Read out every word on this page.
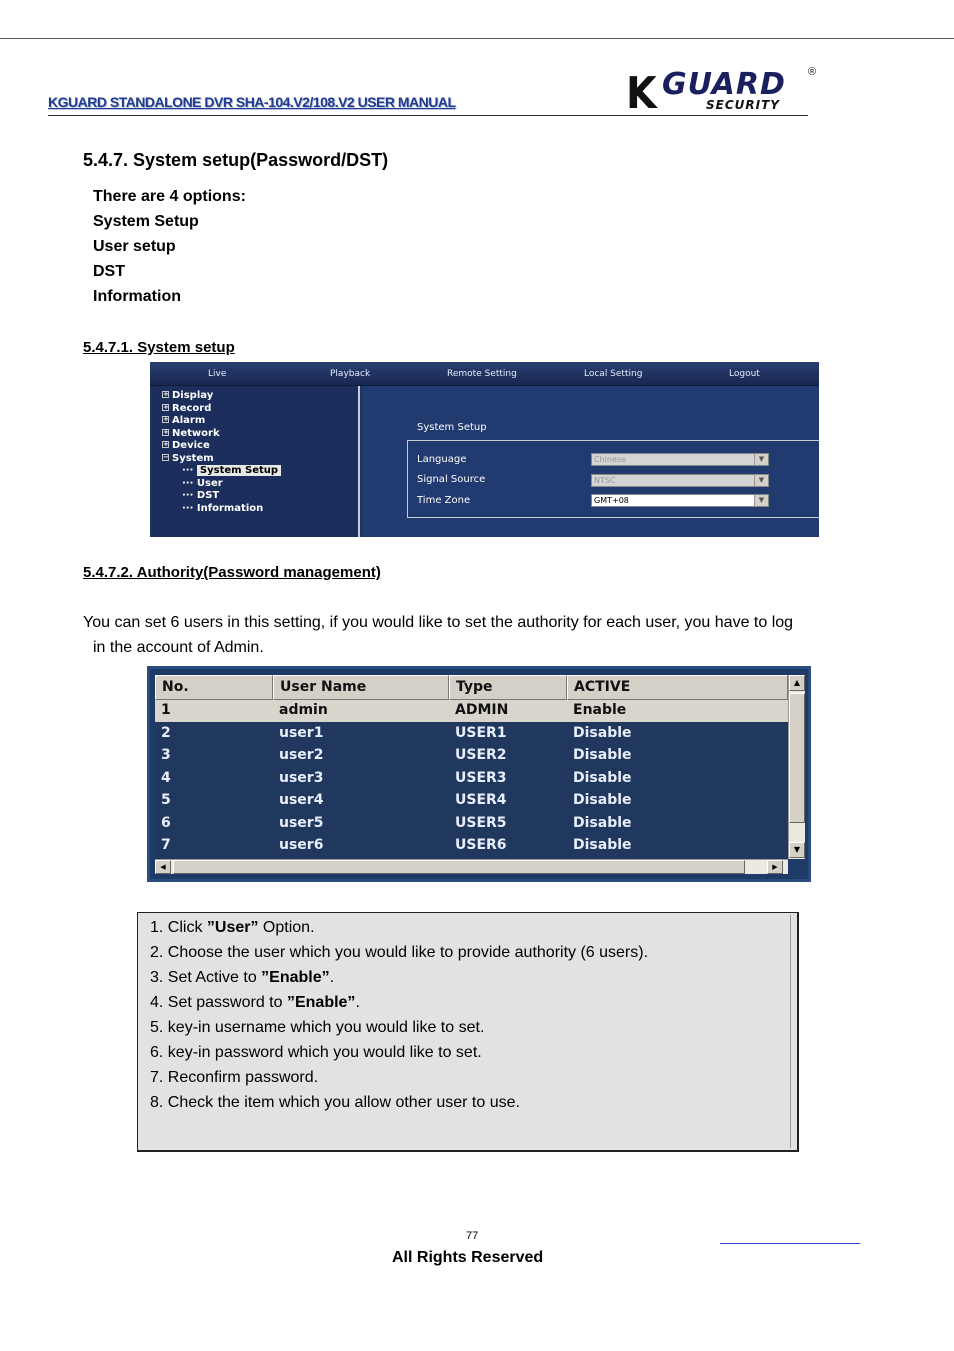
KGUARD STANDALONE DVR SHA-104.V2/108.V2 USER MANUAL	K GUARD
SECURITY
®
5.4.7. System setup(Password/DST)
There are 4 options:
System Setup
User setup
DST
Information
5.4.7.1. System setup
Live	Playback	Remote Setting	Local Setting	Logout
+ Display
+ Record
+ Alarm
+ Network
+ Device
− System
··· System Setup
··· User
··· DST
··· Information
System Setup
Language	Chinese	▼
Signal Source	NTSC	▼
Time Zone	GMT+08	▼
5.4.7.2. Authority(Password management)
You can set 6 users in this setting, if you would like to set the authority for each user, you have to log
in the account of Admin.
No.	User Name	Type	ACTIVE
1	admin	ADMIN	Enable
2	user1	USER1	Disable
3	user2	USER2	Disable
4	user3	USER3	Disable
5	user4	USER4	Disable
6	user5	USER5	Disable
7	user6	USER6	Disable
▲
▼
◀	▶
1. Click ”User” Option.
2. Choose the user which you would like to provide authority (6 users).
3. Set Active to ”Enable”.
4. Set password to ”Enable”.
5. key-in username which you would like to set.
6. key-in password which you would like to set.
7. Reconfirm password.
8. Check the item which you allow other user to use.
77
All Rights Reserved
